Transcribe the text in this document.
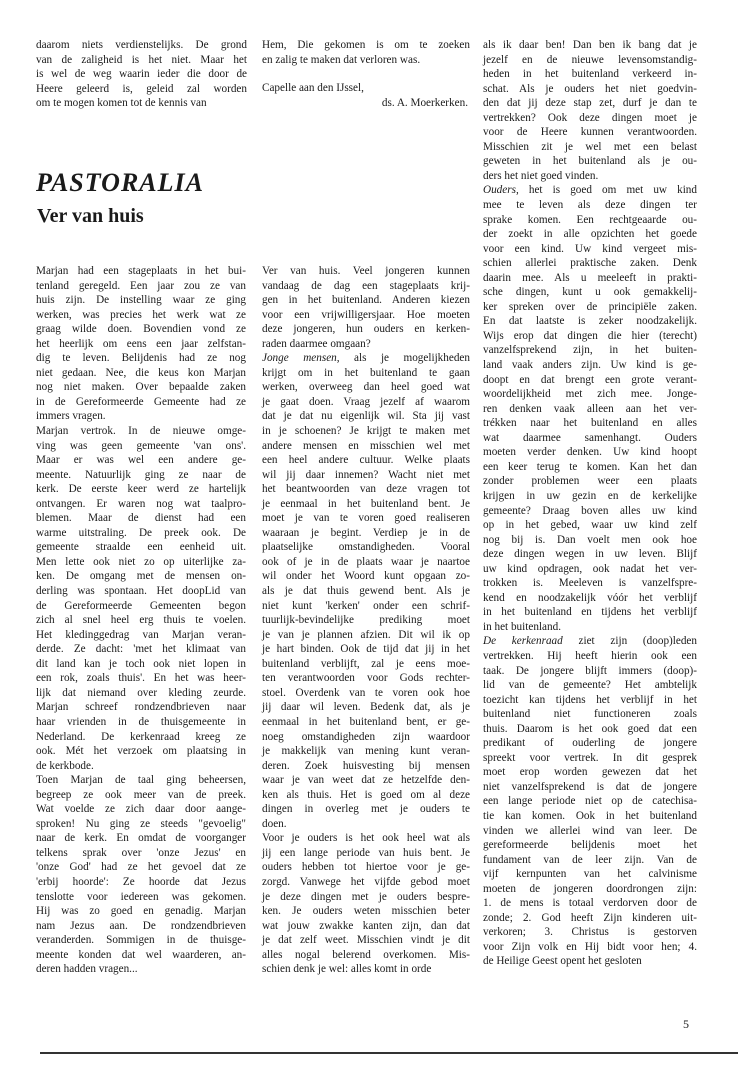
daarom niets verdienstelijks. De grond
van de zaligheid is het niet. Maar het
is wel de weg waarin ieder die door de
Heere geleerd is, geleid zal worden
om te mogen komen tot de kennis van
Hem, Die gekomen is om te zoeken
en zalig te maken dat verloren was.
Capelle aan den IJssel,
ds. A. Moerkerken.
PASTORALIA
Ver van huis
Marjan had een stageplaats in het bui-
tenland geregeld. Een jaar zou ze van
huis zijn. De instelling waar ze ging
werken, was precies het werk wat ze
graag wilde doen. Bovendien vond ze
het heerlijk om eens een jaar zelfstan-
dig te leven. Belijdenis had ze nog
niet gedaan. Nee, die keus kon Marjan
nog niet maken. Over bepaalde zaken
in de Gereformeerde Gemeente had ze
immers vragen.
Marjan vertrok. In de nieuwe omge-
ving was geen gemeente 'van ons'.
Maar er was wel een andere ge-
meente. Natuurlijk ging ze naar de
kerk. De eerste keer werd ze hartelijk
ontvangen. Er waren nog wat taalpro-
blemen. Maar de dienst had een
warme uitstraling. De preek ook. De
gemeente straalde een eenheid uit.
Men lette ook niet zo op uiterlijke za-
ken. De omgang met de mensen on-
derling was spontaan. Het doopLid van
de Gereformeerde Gemeenten begon
zich al snel heel erg thuis te voelen.
Het kledinggedrag van Marjan veran-
derde. Ze dacht: 'met het klimaat van
dit land kan je toch ook niet lopen in
een rok, zoals thuis'. En het was heer-
lijk dat niemand over kleding zeurde.
Marjan schreef rondzendbrieven naar
haar vrienden in de thuisgemeente in
Nederland. De kerkenraad kreeg ze
ook. Mét het verzoek om plaatsing in
de kerkbode.
Toen Marjan de taal ging beheersen,
begreep ze ook meer van de preek.
Wat voelde ze zich daar door aange-
sproken! Nu ging ze steeds "gevoelig"
naar de kerk. En omdat de voorganger
telkens sprak over 'onze Jezus' en
'onze God' had ze het gevoel dat ze
'erbij hoorde': Ze hoorde dat Jezus
tenslotte voor iedereen was gekomen.
Hij was zo goed en genadig. Marjan
nam Jezus aan. De rondzendbrieven
veranderden. Sommigen in de thuisge-
meente konden dat wel waarderen, an-
deren hadden vragen...
Ver van huis. Veel jongeren kunnen
vandaag de dag een stageplaats krij-
gen in het buitenland. Anderen kiezen
voor een vrijwilligersjaar. Hoe moeten
deze jongeren, hun ouders en kerken-
raden daarmee omgaan?
Jonge mensen, als je mogelijkheden
krijgt om in het buitenland te gaan
werken, overweeg dan heel goed wat
je gaat doen. Vraag jezelf af waarom
dat je dat nu eigenlijk wil. Sta jij vast
in je schoenen? Je krijgt te maken met
andere mensen en misschien wel met
een heel andere cultuur. Welke plaats
wil jij daar innemen? Wacht niet met
het beantwoorden van deze vragen tot
je eenmaal in het buitenland bent. Je
moet je van te voren goed realiseren
waaraan je begint. Verdiep je in de
plaatselijke omstandigheden. Vooral
ook of je in de plaats waar je naartoe
wil onder het Woord kunt opgaan zo-
als je dat thuis gewend bent. Als je
niet kunt 'kerken' onder een schrif-
tuurlijk-bevindelijke prediking moet
je van je plannen afzien. Dit wil ik op
je hart binden. Ook de tijd dat jij in het
buitenland verblijft, zal je eens moe-
ten verantwoorden voor Gods rechter-
stoel. Overdenk van te voren ook hoe
jij daar wil leven. Bedenk dat, als je
eenmaal in het buitenland bent, er ge-
noeg omstandigheden zijn waardoor
je makkelijk van mening kunt veran-
deren. Zoek huisvesting bij mensen
waar je van weet dat ze hetzelfde den-
ken als thuis. Het is goed om al deze
dingen in overleg met je ouders te
doen.
Voor je ouders is het ook heel wat als
jij een lange periode van huis bent. Je
ouders hebben tot hiertoe voor je ge-
zorgd. Vanwege het vijfde gebod moet
je deze dingen met je ouders bespre-
ken. Je ouders weten misschien beter
wat jouw zwakke kanten zijn, dan dat
je dat zelf weet. Misschien vindt je dit
alles nogal belerend overkomen. Mis-
schien denk je wel: alles komt in orde
als ik daar ben! Dan ben ik bang dat je
jezelf en de nieuwe levensomstandig-
heden in het buitenland verkeerd in-
schat. Als je ouders het niet goedvin-
den dat jij deze stap zet, durf je dan te
vertrekken? Ook deze dingen moet je
voor de Heere kunnen verantwoorden.
Misschien zit je wel met een belast
geweten in het buitenland als je ou-
ders het niet goed vinden.
Ouders, het is goed om met uw kind
mee te leven als deze dingen ter
sprake komen. Een rechtgeaarde ou-
der zoekt in alle opzichten het goede
voor een kind. Uw kind vergeet mis-
schien allerlei praktische zaken. Denk
daarin mee. Als u meeleeft in prakti-
sche dingen, kunt u ook gemakkelij-
ker spreken over de principiële zaken.
En dat laatste is zeker noodzakelijk.
Wijs erop dat dingen die hier (terecht)
vanzelfsprekend zijn, in het buiten-
land vaak anders zijn. Uw kind is ge-
doopt en dat brengt een grote verant-
woordelijkheid met zich mee. Jonge-
ren denken vaak alleen aan het ver-
trékken naar het buitenland en alles
wat daarmee samenhangt. Ouders
moeten verder denken. Uw kind hoopt
een keer terug te komen. Kan het dan
zonder problemen weer een plaats
krijgen in uw gezin en de kerkelijke
gemeente? Draag boven alles uw kind
op in het gebed, waar uw kind zelf
nog bij is. Dan voelt men ook hoe
deze dingen wegen in uw leven. Blijf
uw kind opdragen, ook nadat het ver-
trokken is. Meeleven is vanzelfspre-
kend en noodzakelijk vóór het verblijf
in het buitenland en tijdens het verblijf
in het buitenland.
De kerkenraad ziet zijn (doop)leden
vertrekken. Hij heeft hierin ook een
taak. De jongere blijft immers (doop)-
lid van de gemeente? Het ambtelijk
toezicht kan tijdens het verblijf in het
buitenland niet functioneren zoals
thuis. Daarom is het ook goed dat een
predikant of ouderling de jongere
spreekt voor vertrek. In dit gesprek
moet erop worden gewezen dat het
niet vanzelfsprekend is dat de jongere
een lange periode niet op de catechisa-
tie kan komen. Ook in het buitenland
vinden we allerlei wind van leer. De
gereformeerde belijdenis moet het
fundament van de leer zijn. Van de
vijf kernpunten van het calvinisme
moeten de jongeren doordrongen zijn:
1. de mens is totaal verdorven door de
zonde; 2. God heeft Zijn kinderen uit-
verkoren; 3. Christus is gestorven
voor Zijn volk en Hij bidt voor hen; 4.
de Heilige Geest opent het gesloten
5
